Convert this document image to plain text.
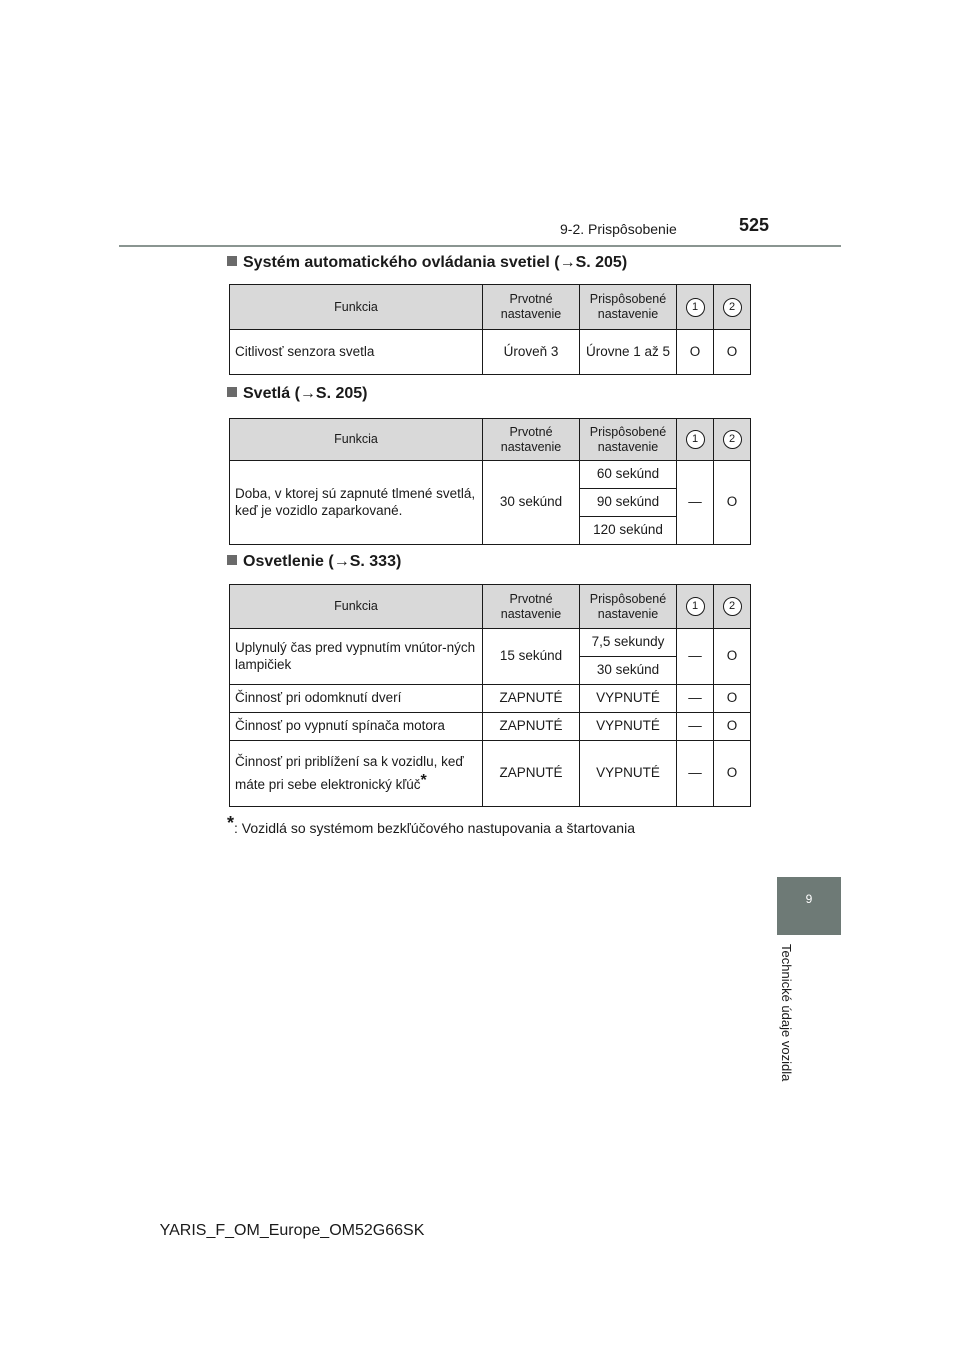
9-2. Prispôsobenie	525
9
Technické údaje vozidla
Systém automatického ovládania svetiel (→S. 205)
Funkcia	Prvotné nastavenie	Prispôsobené nastavenie	1	2
Citlivosť senzora svetla	Úroveň 3	Úrovne 1 až 5	O	O
Svetlá (→S. 205)
Funkcia	Prvotné nastavenie	Prispôsobené nastavenie	1	2
Doba, v ktorej sú zapnuté tlmené svetlá, keď je vozidlo zaparkované.	30 sekúnd	60 sekúnd	—	O
		90 sekúnd		
		120 sekúnd		
Osvetlenie (→S. 333)
Funkcia	Prvotné nastavenie	Prispôsobené nastavenie	1	2
Uplynulý čas pred vypnutím vnútor-ných lampičiek	15 sekúnd	7,5 sekundy	—	O
		30 sekúnd		
Činnosť pri odomknutí dverí	ZAPNUTÉ	VYPNUTÉ	—	O
Činnosť po vypnutí spínača motora	ZAPNUTÉ	VYPNUTÉ	—	O
Činnosť pri priblížení sa k vozidlu, keď máte pri sebe elektronický kľúč*	ZAPNUTÉ	VYPNUTÉ	—	O
*: Vozidlá so systémom bezkľúčového nastupovania a štartovania
YARIS_F_OM_Europe_OM52G66SK
